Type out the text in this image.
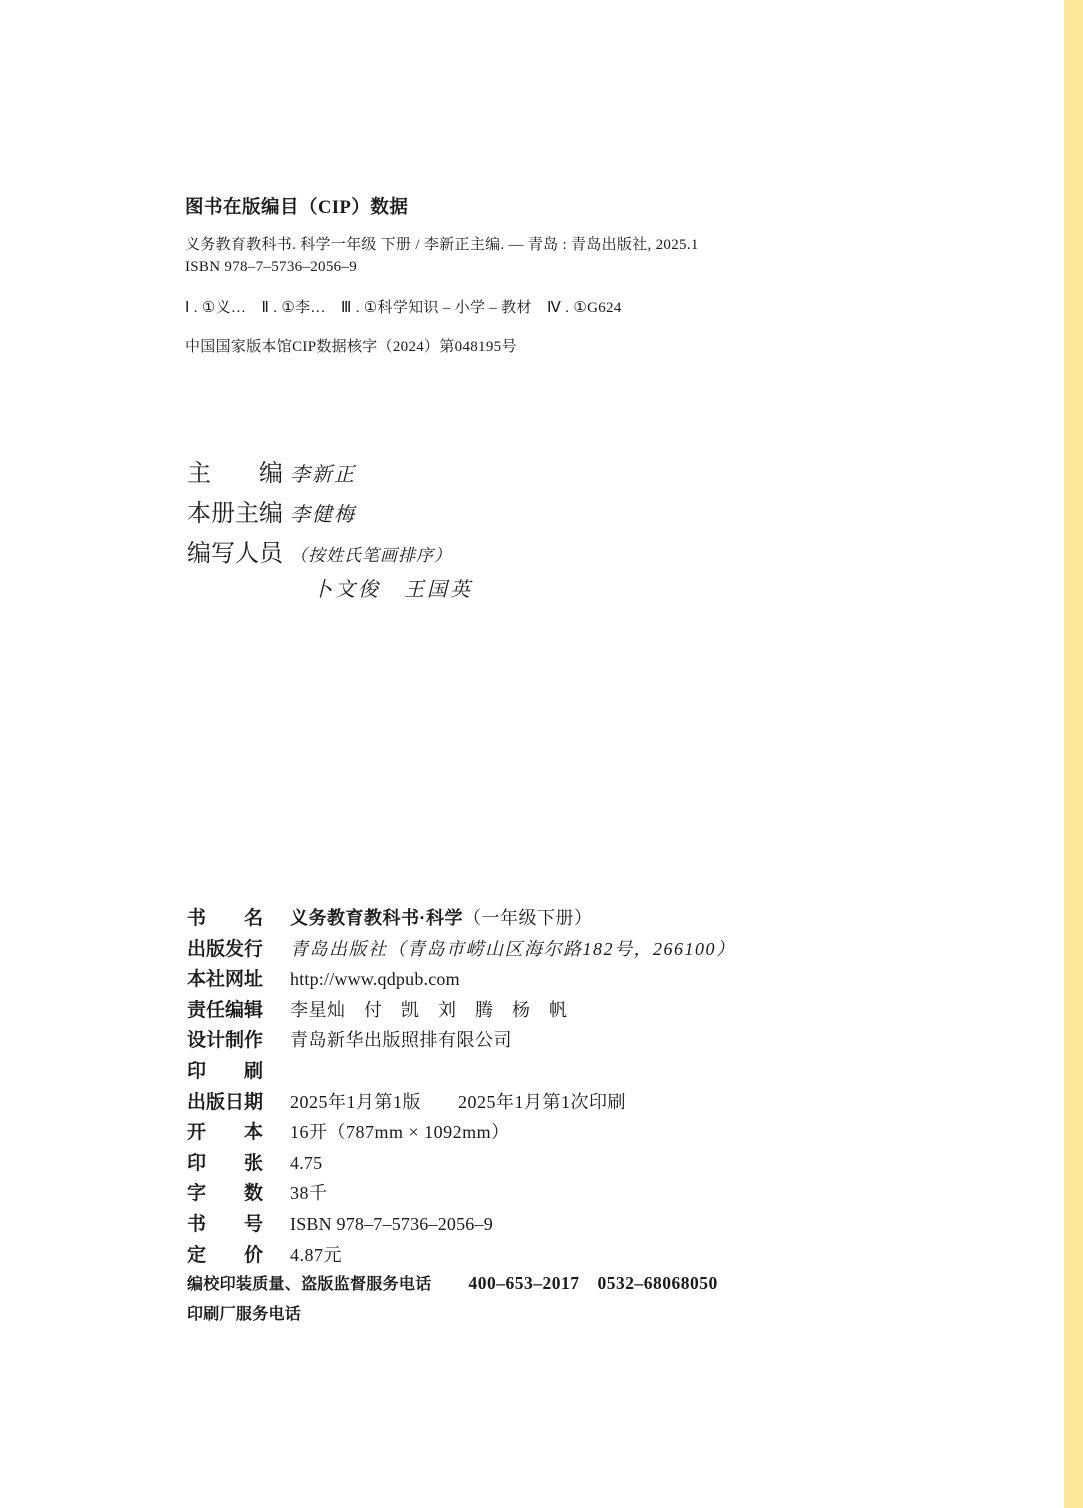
图书在版编目（CIP）数据
义务教育教科书. 科学一年级 下册 / 李新正主编. — 青岛 : 青岛出版社, 2025.1
ISBN 978–7–5736–2056–9
Ⅰ . ①义…　Ⅱ . ①李…　Ⅲ . ①科学知识 – 小学 – 教材　Ⅳ . ①G624
中国国家版本馆CIP数据核字（2024）第048195号
主　　编 李新正
本册主编 李健梅
编写人员 （按姓氏笔画排序）
卜文俊　王国英
书　　名 义务教育教科书·科学（一年级下册）
出版发行 青岛出版社（青岛市崂山区海尔路182号，266100）
本社网址 http://www.qdpub.com
责任编辑 李星灿　付　凯　刘　腾　杨　帆
设计制作 青岛新华出版照排有限公司
印　　刷
出版日期 2025年1月第1版　　2025年1月第1次印刷
开　　本 16开（787mm × 1092mm）
印　　张 4.75
字　　数 38千
书　　号 ISBN 978–7–5736–2056–9
定　　价 4.87元
编校印装质量、盗版监督服务电话 400–653–2017　0532–68068050
印刷厂服务电话
